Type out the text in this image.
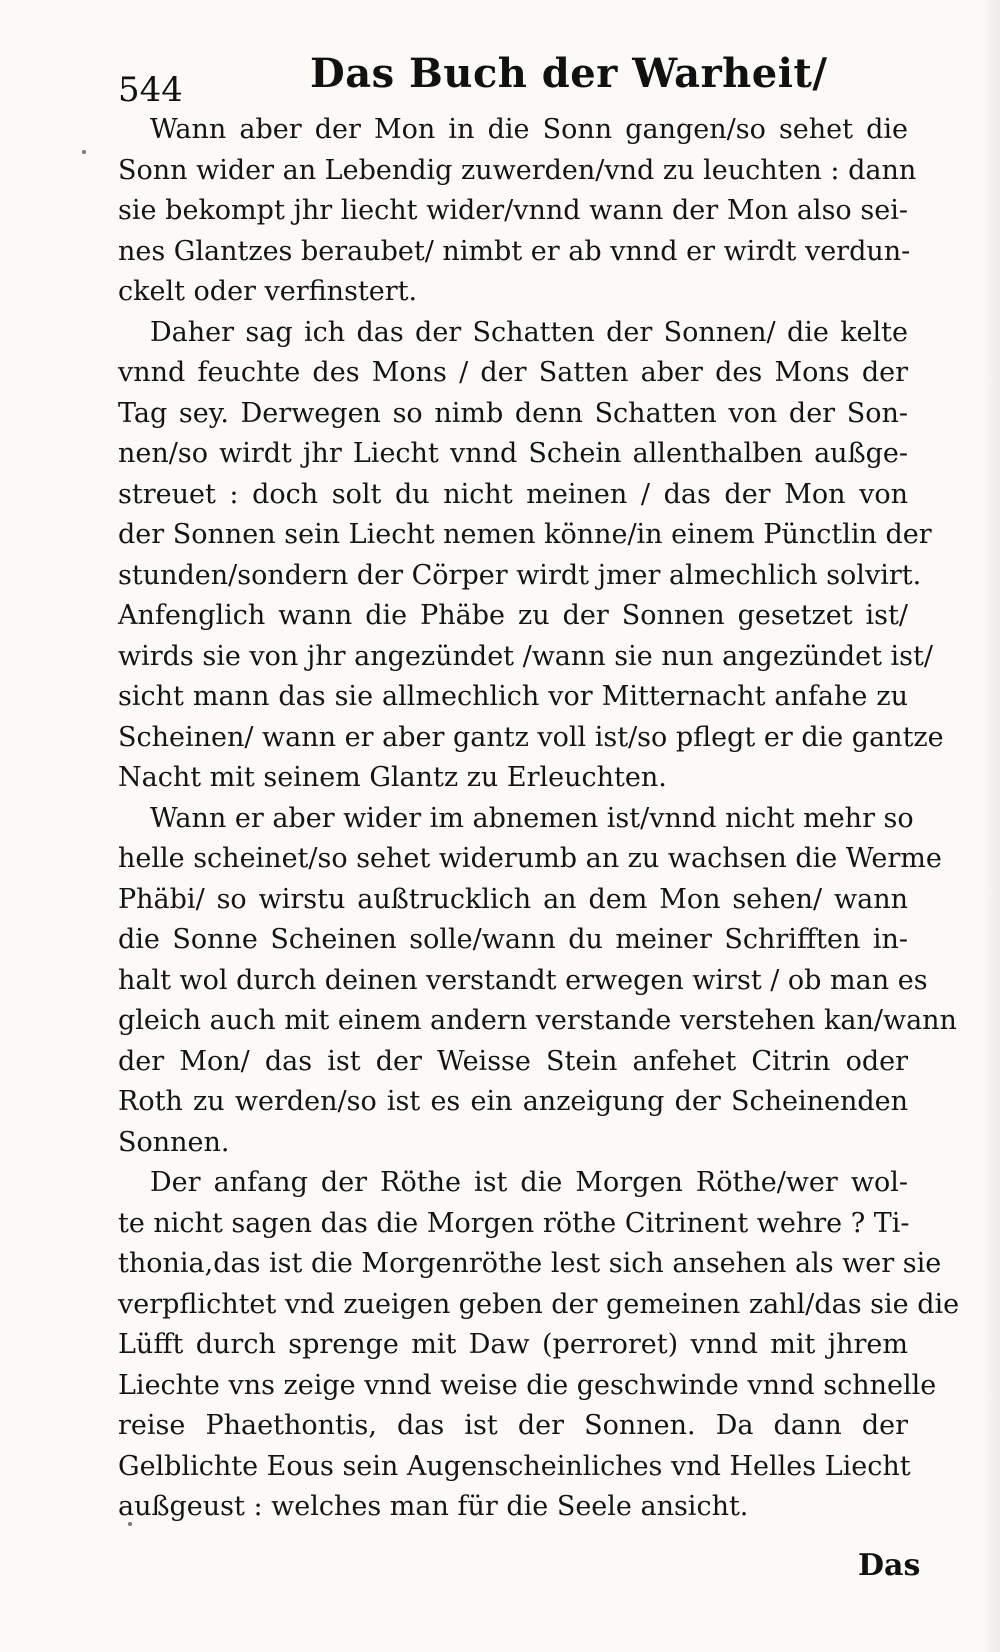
544	Das Buch der Warheit/
Wann aber der Mon in die Sonn gangen/so sehet die
Sonn wider an Lebendig zuwerden/vnd zu leuchten : dann
sie bekompt jhr liecht wider/vnnd wann der Mon also sei-
nes Glantzes beraubet/ nimbt er ab vnnd er wirdt verdun-
ckelt oder verfinstert.
Daher sag ich das der Schatten der Sonnen/ die kelte
vnnd feuchte des Mons / der Satten aber des Mons der
Tag sey. Derwegen so nimb denn Schatten von der Son-
nen/so wirdt jhr Liecht vnnd Schein allenthalben außge-
streuet : doch solt du nicht meinen / das der Mon von
der Sonnen sein Liecht nemen könne/in einem Pünctlin der
stunden/sondern der Cörper wirdt jmer almechlich solvirt.
Anfenglich wann die Phäbe zu der Sonnen gesetzet ist/
wirds sie von jhr angezündet /wann sie nun angezündet ist/
sicht mann das sie allmechlich vor Mitternacht anfahe zu
Scheinen/ wann er aber gantz voll ist/so pflegt er die gantze
Nacht mit seinem Glantz zu Erleuchten.
Wann er aber wider im abnemen ist/vnnd nicht mehr so
helle scheinet/so sehet widerumb an zu wachsen die Werme
Phäbi/ so wirstu außtrucklich an dem Mon sehen/ wann
die Sonne Scheinen solle/wann du meiner Schrifften in-
halt wol durch deinen verstandt erwegen wirst / ob man es
gleich auch mit einem andern verstande verstehen kan/wann
der Mon/ das ist der Weisse Stein anfehet Citrin oder
Roth zu werden/so ist es ein anzeigung der Scheinenden
Sonnen.
Der anfang der Röthe ist die Morgen Röthe/wer wol-
te nicht sagen das die Morgen röthe Citrinent wehre ? Ti-
thonia,das ist die Morgenröthe lest sich ansehen als wer sie
verpflichtet vnd zueigen geben der gemeinen zahl/das sie die
Lüfft durch sprenge mit Daw (perroret) vnnd mit jhrem
Liechte vns zeige vnnd weise die geschwinde vnnd schnelle
reise Phaethontis, das ist der Sonnen. Da dann der
Gelblichte Eous sein Augenscheinliches vnd Helles Liecht
außgeust : welches man für die Seele ansicht.
Das
